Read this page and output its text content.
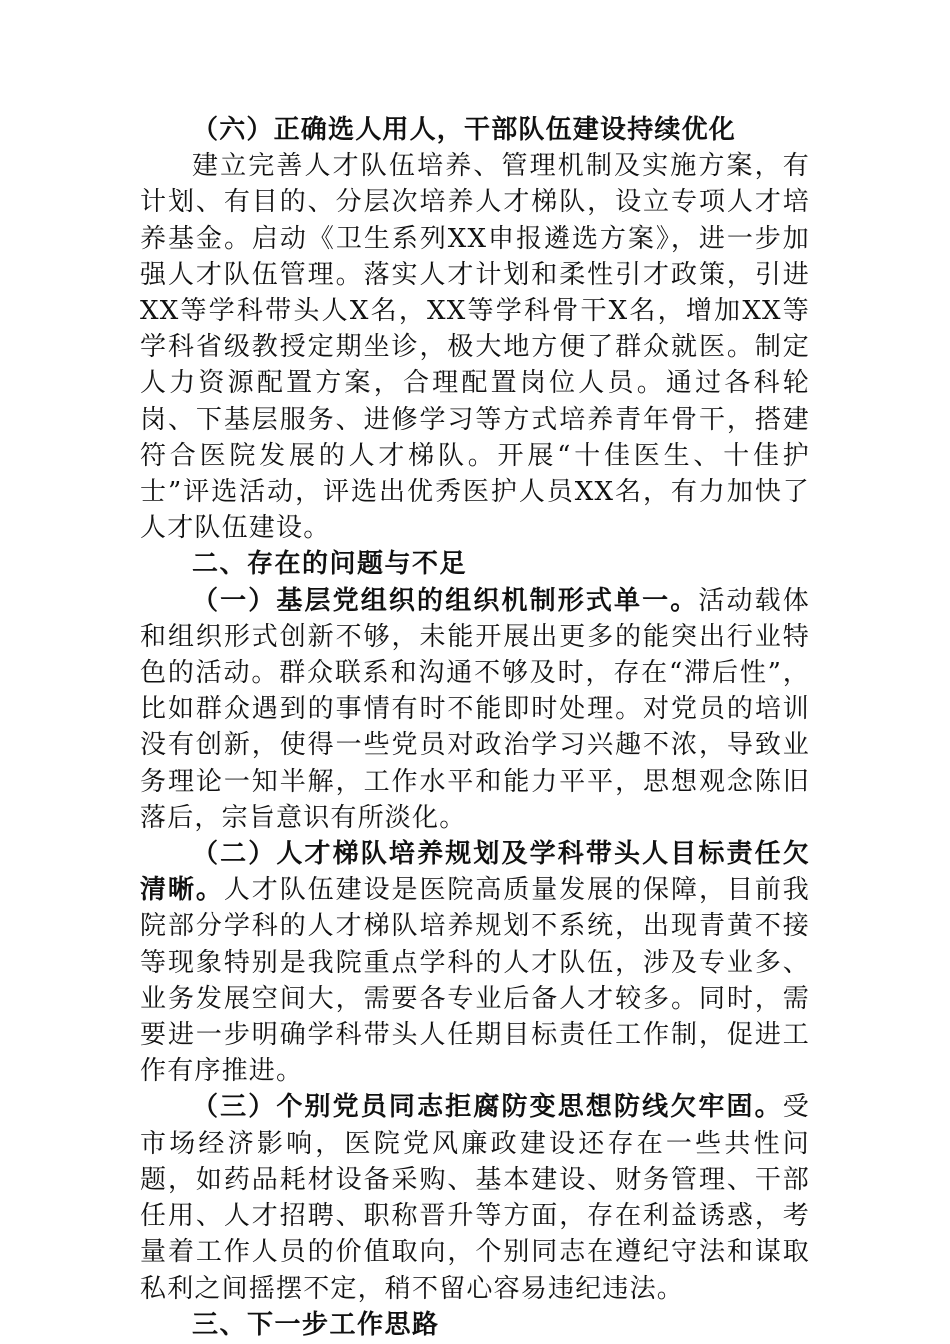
（六）正确选人用人，干部队伍建设持续优化

建立完善人才队伍培养、管理机制及实施方案，有计划、有目的、分层次培养人才梯队，设立专项人才培养基金。启动《卫生系列XX申报遴选方案》，进一步加强人才队伍管理。落实人才计划和柔性引才政策，引进XX等学科带头人X名，XX等学科骨干X名，增加XX等学科省级教授定期坐诊，极大地方便了群众就医。制定人力资源配置方案，合理配置岗位人员。通过各科轮岗、下基层服务、进修学习等方式培养青年骨干，搭建符合医院发展的人才梯队。开展“十佳医生、十佳护士”评选活动，评选出优秀医护人员XX名，有力加快了人才队伍建设。

二、存在的问题与不足

（一）基层党组织的组织机制形式单一。活动载体和组织形式创新不够，未能开展出更多的能突出行业特色的活动。群众联系和沟通不够及时，存在“滞后性”，比如群众遇到的事情有时不能即时处理。对党员的培训没有创新，使得一些党员对政治学习兴趣不浓，导致业务理论一知半解，工作水平和能力平平，思想观念陈旧落后，宗旨意识有所淡化。

（二）人才梯队培养规划及学科带头人目标责任欠清晰。人才队伍建设是医院高质量发展的保障，目前我院部分学科的人才梯队培养规划不系统，出现青黄不接等现象特别是我院重点学科的人才队伍，涉及专业多、业务发展空间大，需要各专业后备人才较多。同时，需要进一步明确学科带头人任期目标责任工作制，促进工作有序推进。

（三）个别党员同志拒腐防变思想防线欠牢固。受市场经济影响，医院党风廉政建设还存在一些共性问题，如药品耗材设备采购、基本建设、财务管理、干部任用、人才招聘、职称晋升等方面，存在利益诱惑，考量着工作人员的价值取向，个别同志在遵纪守法和谋取私利之间摇摆不定，稍不留心容易违纪违法。

三、下一步工作思路
